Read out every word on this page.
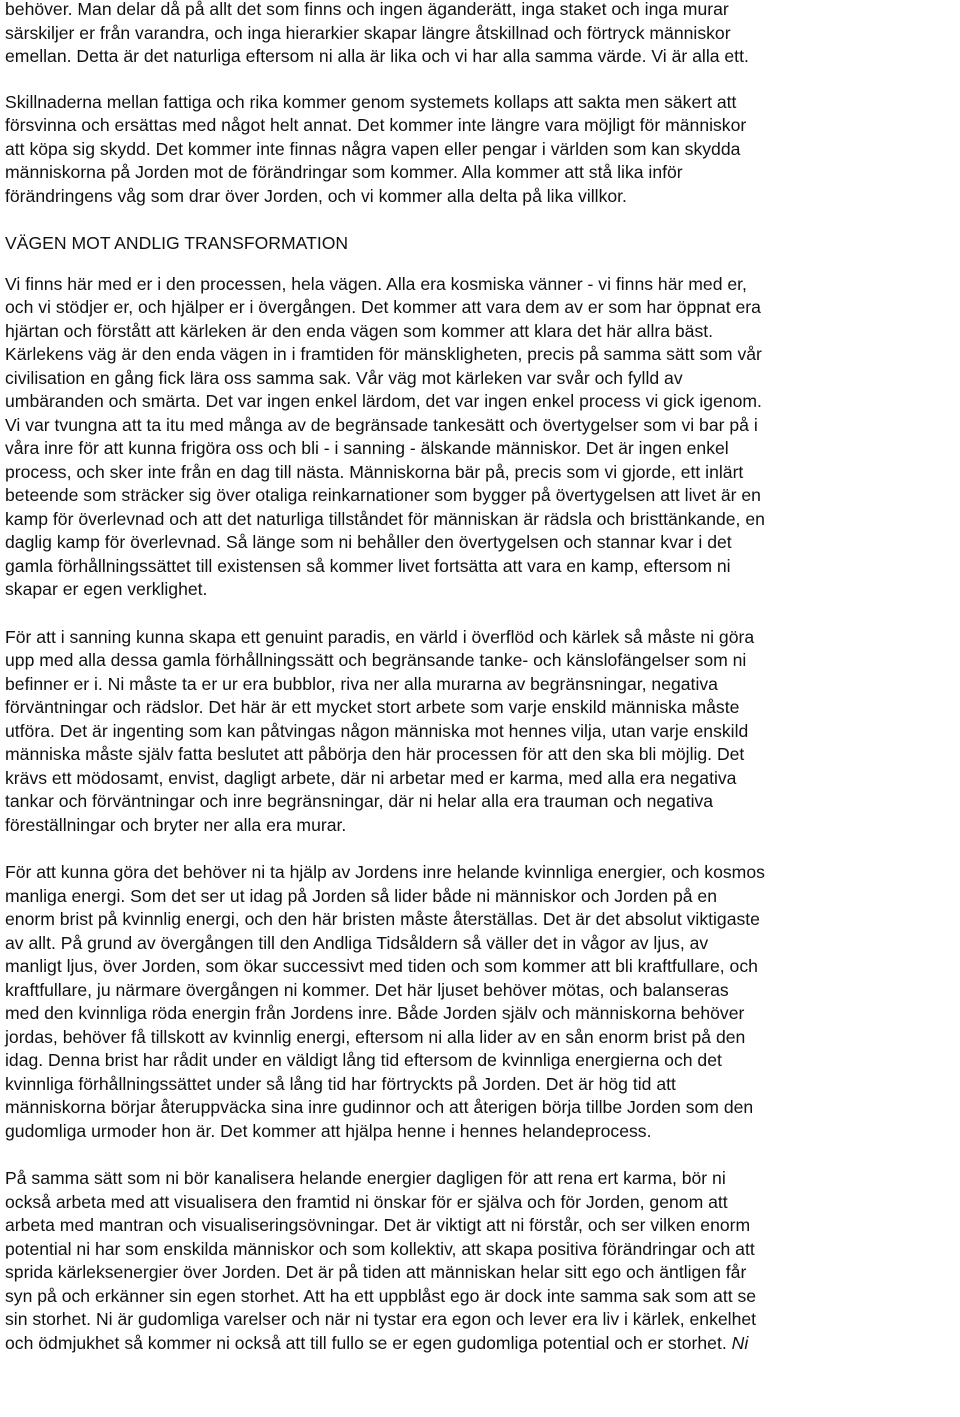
behöver. Man delar då på allt det som finns och ingen äganderätt, inga staket och inga murar
särskiljer er från varandra, och inga hierarkier skapar längre åtskillnad och förtryck människor
emellan. Detta är det naturliga eftersom ni alla är lika och vi har alla samma värde. Vi är alla ett.
Skillnaderna mellan fattiga och rika kommer genom systemets kollaps att sakta men säkert att
försvinna och ersättas med något helt annat. Det kommer inte längre vara möjligt för människor
att köpa sig skydd. Det kommer inte finnas några vapen eller pengar i världen som kan skydda
människorna på Jorden mot de förändringar som kommer. Alla kommer att stå lika inför
förändringens våg som drar över Jorden, och vi kommer alla delta på lika villkor.
VÄGEN MOT ANDLIG TRANSFORMATION
Vi finns här med er i den processen, hela vägen. Alla era kosmiska vänner - vi finns här med er,
och vi stödjer er, och hjälper er i övergången. Det kommer att vara dem av er som har öppnat era
hjärtan och förstått att kärleken är den enda vägen som kommer att klara det här allra bäst.
Kärlekens väg är den enda vägen in i framtiden för mänskligheten, precis på samma sätt som vår
civilisation en gång fick lära oss samma sak. Vår väg mot kärleken var svår och fylld av
umbäranden och smärta. Det var ingen enkel lärdom, det var ingen enkel process vi gick igenom.
Vi var tvungna att ta itu med många av de begränsade tankesätt och övertygelser som vi bar på i
våra inre för att kunna frigöra oss och bli - i sanning - älskande människor. Det är ingen enkel
process, och sker inte från en dag till nästa. Människorna bär på, precis som vi gjorde, ett inlärt
beteende som sträcker sig över otaliga reinkarnationer som bygger på övertygelsen att livet är en
kamp för överlevnad och att det naturliga tillståndet för människan är rädsla och bristtänkande, en
daglig kamp för överlevnad. Så länge som ni behåller den övertygelsen och stannar kvar i det
gamla förhållningssättet till existensen så kommer livet fortsätta att vara en kamp, eftersom ni
skapar er egen verklighet.
För att i sanning kunna skapa ett genuint paradis, en värld i överflöd och kärlek så måste ni göra
upp med alla dessa gamla förhållningssätt och begränsande tanke- och känslofängelser som ni
befinner er i. Ni måste ta er ur era bubblor, riva ner alla murarna av begränsningar, negativa
förväntningar och rädslor. Det här är ett mycket stort arbete som varje enskild människa måste
utföra. Det är ingenting som kan påtvingas någon människa mot hennes vilja, utan varje enskild
människa måste själv fatta beslutet att påbörja den här processen för att den ska bli möjlig. Det
krävs ett mödosamt, envist, dagligt arbete, där ni arbetar med er karma, med alla era negativa
tankar och förväntningar och inre begränsningar, där ni helar alla era trauman och negativa
föreställningar och bryter ner alla era murar.
För att kunna göra det behöver ni ta hjälp av Jordens inre helande kvinnliga energier, och kosmos
manliga energi. Som det ser ut idag på Jorden så lider både ni människor och Jorden på en
enorm brist på kvinnlig energi, och den här bristen måste återställas. Det är det absolut viktigaste
av allt. På grund av övergången till den Andliga Tidsåldern så väller det in vågor av ljus, av
manligt ljus, över Jorden, som ökar successivt med tiden och som kommer att bli kraftfullare, och
kraftfullare, ju närmare övergången ni kommer. Det här ljuset behöver mötas, och balanseras
med den kvinnliga röda energin från Jordens inre. Både Jorden själv och människorna behöver
jordas, behöver få tillskott av kvinnlig energi, eftersom ni alla lider av en sån enorm brist på den
idag. Denna brist har rådit under en väldigt lång tid eftersom de kvinnliga energierna och det
kvinnliga förhållningssättet under så lång tid har förtryckts på Jorden. Det är hög tid att
människorna börjar återuppväcka sina inre gudinnor och att återigen börja tillbe Jorden som den
gudomliga urmoder hon är. Det kommer att hjälpa henne i hennes helandeprocess.
På samma sätt som ni bör kanalisera helande energier dagligen för att rena ert karma, bör ni
också arbeta med att visualisera den framtid ni önskar för er själva och för Jorden, genom att
arbeta med mantran och visualiseringsövningar. Det är viktigt att ni förstår, och ser vilken enorm
potential ni har som enskilda människor och som kollektiv, att skapa positiva förändringar och att
sprida kärleksenergier över Jorden. Det är på tiden att människan helar sitt ego och äntligen får
syn på och erkänner sin egen storhet. Att ha ett uppblåst ego är dock inte samma sak som att se
sin storhet. Ni är gudomliga varelser och när ni tystar era egon och lever era liv i kärlek, enkelhet
och ödmjukhet så kommer ni också att till fullo se er egen gudomliga potential och er storhet. Ni
